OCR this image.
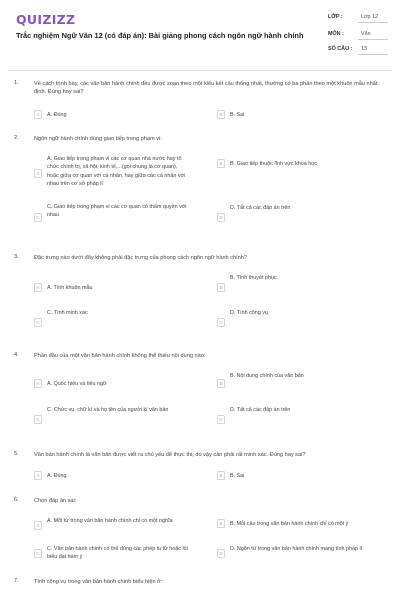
QUIZIZZ
Trắc nghiệm Ngữ Văn 12 (có đáp án): Bài giảng phong cách ngôn ngữ hành chính
LỚP :	Lớp 12
MÔN :	Văn
SỐ CÂU : 13
1.	Về cách trình bày, các văn bản hành chính đều được soạn theo một kiểu kết cấu thống nhất, thường có ba phần theo một khuôn mẫu nhất định. Đúng hay sai?
A	A. Đúng	B	B. Sai
2.	Ngôn ngữ hành chính dùng giao tiếp trong phạm vi:
A
A. Giao tiếp trong phạm vi các cơ quan nhà nước hay tổ chức chính trị, xã hội, kinh tế,...(gọi chung là cơ quan), hoặc giữa cơ quan với cá nhân, hay giữa các cá nhân với nhau trên cơ sở pháp lí
B	B. Giao tiếp thuộc lĩnh vực khoa học
C
C. Giao tiếp trong phạm vi các cơ quan có thẩm quyền với nhau	D
D. Tất cả các đáp án trên
3.	Đặc trưng nào dưới đây không phải đặc trưng của phong cách ngôn ngữ hành chính?
A	A. Tính khuôn mẫu	B
B. Tính thuyết phục
C
C. Tính minh xác
D
D. Tính công vụ
4.	Phần đầu của một văn bản hành chính không thể thiếu nội dung nào:
A	A. Quốc hiệu và tiêu ngữ	B
B. Nội dung chính của văn bản
C
C. Chức vụ, chữ kí và họ tên của người kí văn bản
D
D. Tất cả các đáp án trên
5.	Văn bản hành chính là văn bản được viết ra chủ yếu để thực thi, do vậy cần phải rất minh xác. Đúng hay sai?
A	A. Đúng	B	B. Sai
6.	Chọn đáp án sai:
A
A. Mỗi từ trong văn bản hành chính chỉ có một nghĩa	B	B. Mỗi câu trong văn bản hành chính chỉ có một ý
C
C. Văn bản hành chính có thể dùng các phép tu từ hoặc lối biểu đạt hàm ý
D
D. Ngôn từ trong văn bản hành chính mang tính pháp lí
7.	Tính công vụ trong văn bản hành chính biểu hiện ở:
